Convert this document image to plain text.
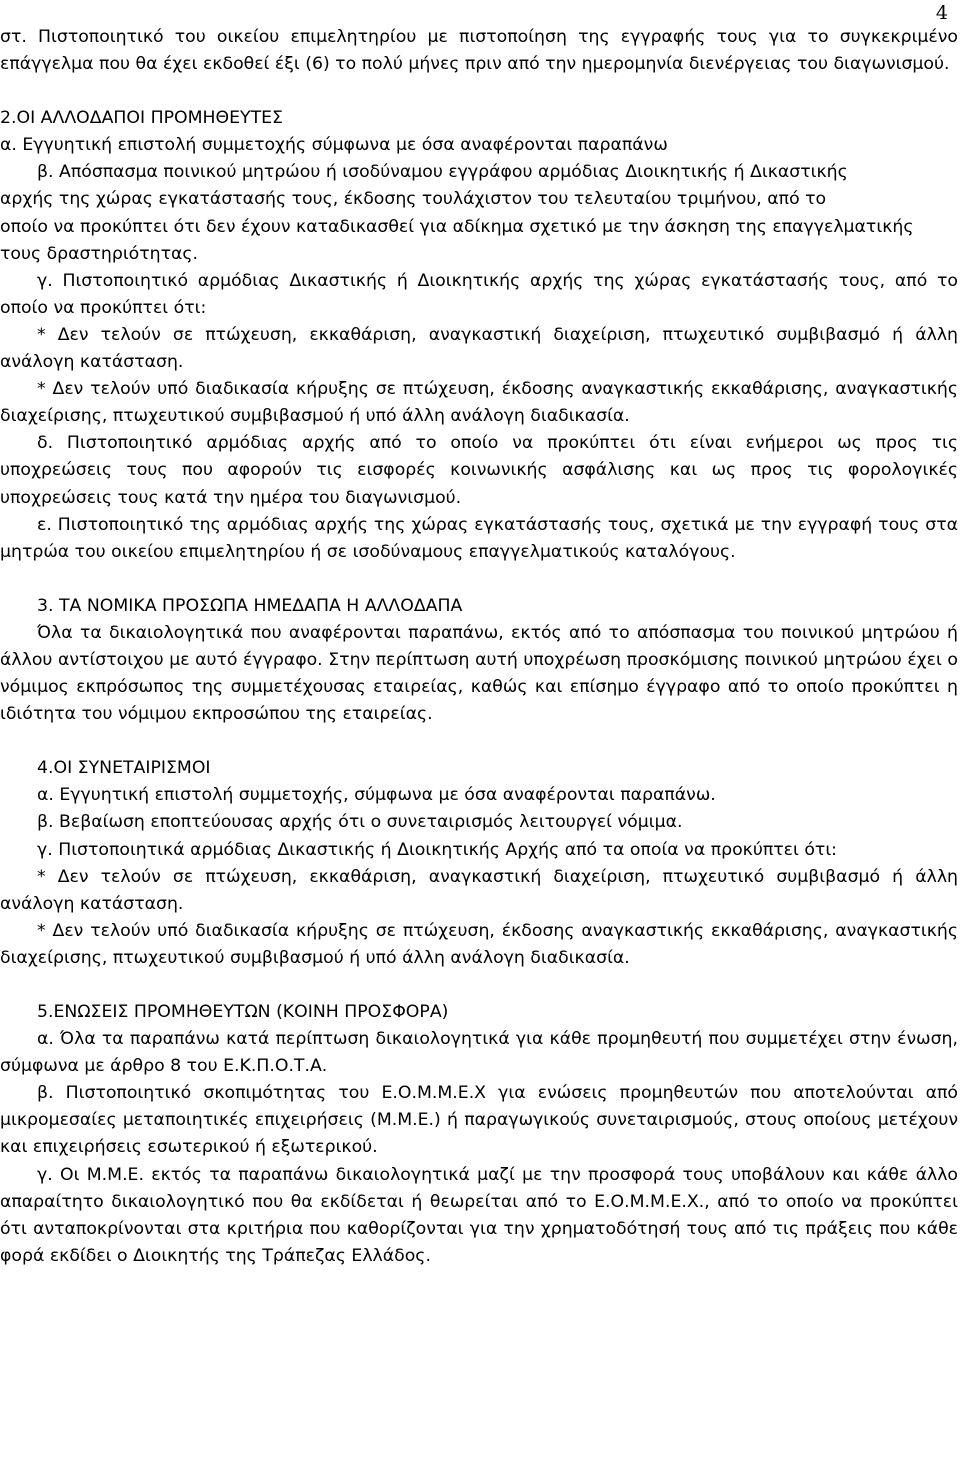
4

στ. Πιστοποιητικό του οικείου επιμελητηρίου με πιστοποίηση της εγγραφής τους για το συγκεκριμένο επάγγελμα που θα έχει εκδοθεί έξι (6) το πολύ μήνες πριν από την ημερομηνία διενέργειας του διαγωνισμού.

2.ΟΙ ΑΛΛΟΔΑΠΟΙ ΠΡΟΜΗΘΕΥΤΕΣ

α. Εγγυητική επιστολή συμμετοχής σύμφωνα με όσα αναφέρονται παραπάνω

β. Απόσπασμα ποινικού μητρώου ή ισοδύναμου εγγράφου αρμόδιας Διοικητικής ή Δικαστικής

αρχής της χώρας εγκατάστασής τους, έκδοσης τουλάχιστον του τελευταίου τριμήνου, από το

οποίο να προκύπτει ότι δεν έχουν καταδικασθεί για αδίκημα σχετικό με την άσκηση της επαγγελματικής τους δραστηριότητας.

γ. Πιστοποιητικό αρμόδιας Δικαστικής ή Διοικητικής αρχής της χώρας εγκατάστασής τους, από το οποίο να προκύπτει ότι:

* Δεν τελούν σε πτώχευση, εκκαθάριση, αναγκαστική διαχείριση, πτωχευτικό συμβιβασμό ή άλλη ανάλογη κατάσταση.

* Δεν τελούν υπό διαδικασία κήρυξης σε πτώχευση, έκδοσης αναγκαστικής εκκαθάρισης, αναγκαστικής διαχείρισης, πτωχευτικού συμβιβασμού ή υπό άλλη ανάλογη διαδικασία.

δ. Πιστοποιητικό αρμόδιας αρχής από το οποίο να προκύπτει ότι είναι ενήμεροι ως προς τις υποχρεώσεις τους που αφορούν τις εισφορές κοινωνικής ασφάλισης και ως προς τις φορολογικές υποχρεώσεις τους κατά την ημέρα του διαγωνισμού.

ε. Πιστοποιητικό της αρμόδιας αρχής της χώρας εγκατάστασής τους, σχετικά με την εγγραφή τους στα μητρώα του οικείου επιμελητηρίου ή σε ισοδύναμους επαγγελματικούς καταλόγους.

3. ΤΑ ΝΟΜΙΚΑ ΠΡΟΣΩΠΑ ΗΜΕΔΑΠΑ Η ΑΛΛΟΔΑΠΑ

Όλα τα δικαιολογητικά που αναφέρονται παραπάνω, εκτός από το απόσπασμα του ποινικού μητρώου ή άλλου αντίστοιχου με αυτό έγγραφο. Στην περίπτωση αυτή υποχρέωση προσκόμισης ποινικού μητρώου έχει ο νόμιμος εκπρόσωπος της συμμετέχουσας εταιρείας, καθώς και επίσημο έγγραφο από το οποίο προκύπτει η ιδιότητα του νόμιμου εκπροσώπου της εταιρείας.

4.ΟΙ ΣΥΝΕΤΑΙΡΙΣΜΟΙ

α. Εγγυητική επιστολή συμμετοχής, σύμφωνα με όσα αναφέρονται παραπάνω.

β. Βεβαίωση εποπτεύουσας αρχής ότι ο συνεταιρισμός λειτουργεί νόμιμα.

γ. Πιστοποιητικά αρμόδιας Δικαστικής ή Διοικητικής Αρχής από τα οποία να προκύπτει ότι:

* Δεν τελούν σε πτώχευση, εκκαθάριση, αναγκαστική διαχείριση, πτωχευτικό συμβιβασμό ή άλλη ανάλογη κατάσταση.

* Δεν τελούν υπό διαδικασία κήρυξης σε πτώχευση, έκδοσης αναγκαστικής εκκαθάρισης, αναγκαστικής διαχείρισης, πτωχευτικού συμβιβασμού ή υπό άλλη ανάλογη διαδικασία.

5.ΕΝΩΣΕΙΣ ΠΡΟΜΗΘΕΥΤΩΝ (ΚΟΙΝΗ ΠΡΟΣΦΟΡΑ)

α. Όλα τα παραπάνω κατά περίπτωση δικαιολογητικά για κάθε προμηθευτή που συμμετέχει στην ένωση, σύμφωνα με άρθρο 8 του Ε.Κ.Π.Ο.Τ.Α.

β. Πιστοποιητικό σκοπιμότητας του Ε.Ο.Μ.Μ.Ε.Χ για ενώσεις προμηθευτών που αποτελούνται από μικρομεσαίες μεταποιητικές επιχειρήσεις (Μ.Μ.Ε.) ή παραγωγικούς συνεταιρισμούς, στους οποίους μετέχουν και επιχειρήσεις εσωτερικού ή εξωτερικού.

γ. Οι Μ.Μ.Ε. εκτός τα παραπάνω δικαιολογητικά μαζί με την προσφορά τους υποβάλουν και κάθε άλλο απαραίτητο δικαιολογητικό που θα εκδίδεται ή θεωρείται από το Ε.Ο.Μ.Μ.Ε.Χ., από το οποίο να προκύπτει ότι ανταποκρίνονται στα κριτήρια που καθορίζονται για την χρηματοδότησή τους από τις πράξεις που κάθε φορά εκδίδει ο Διοικητής της Τράπεζας Ελλάδος.
